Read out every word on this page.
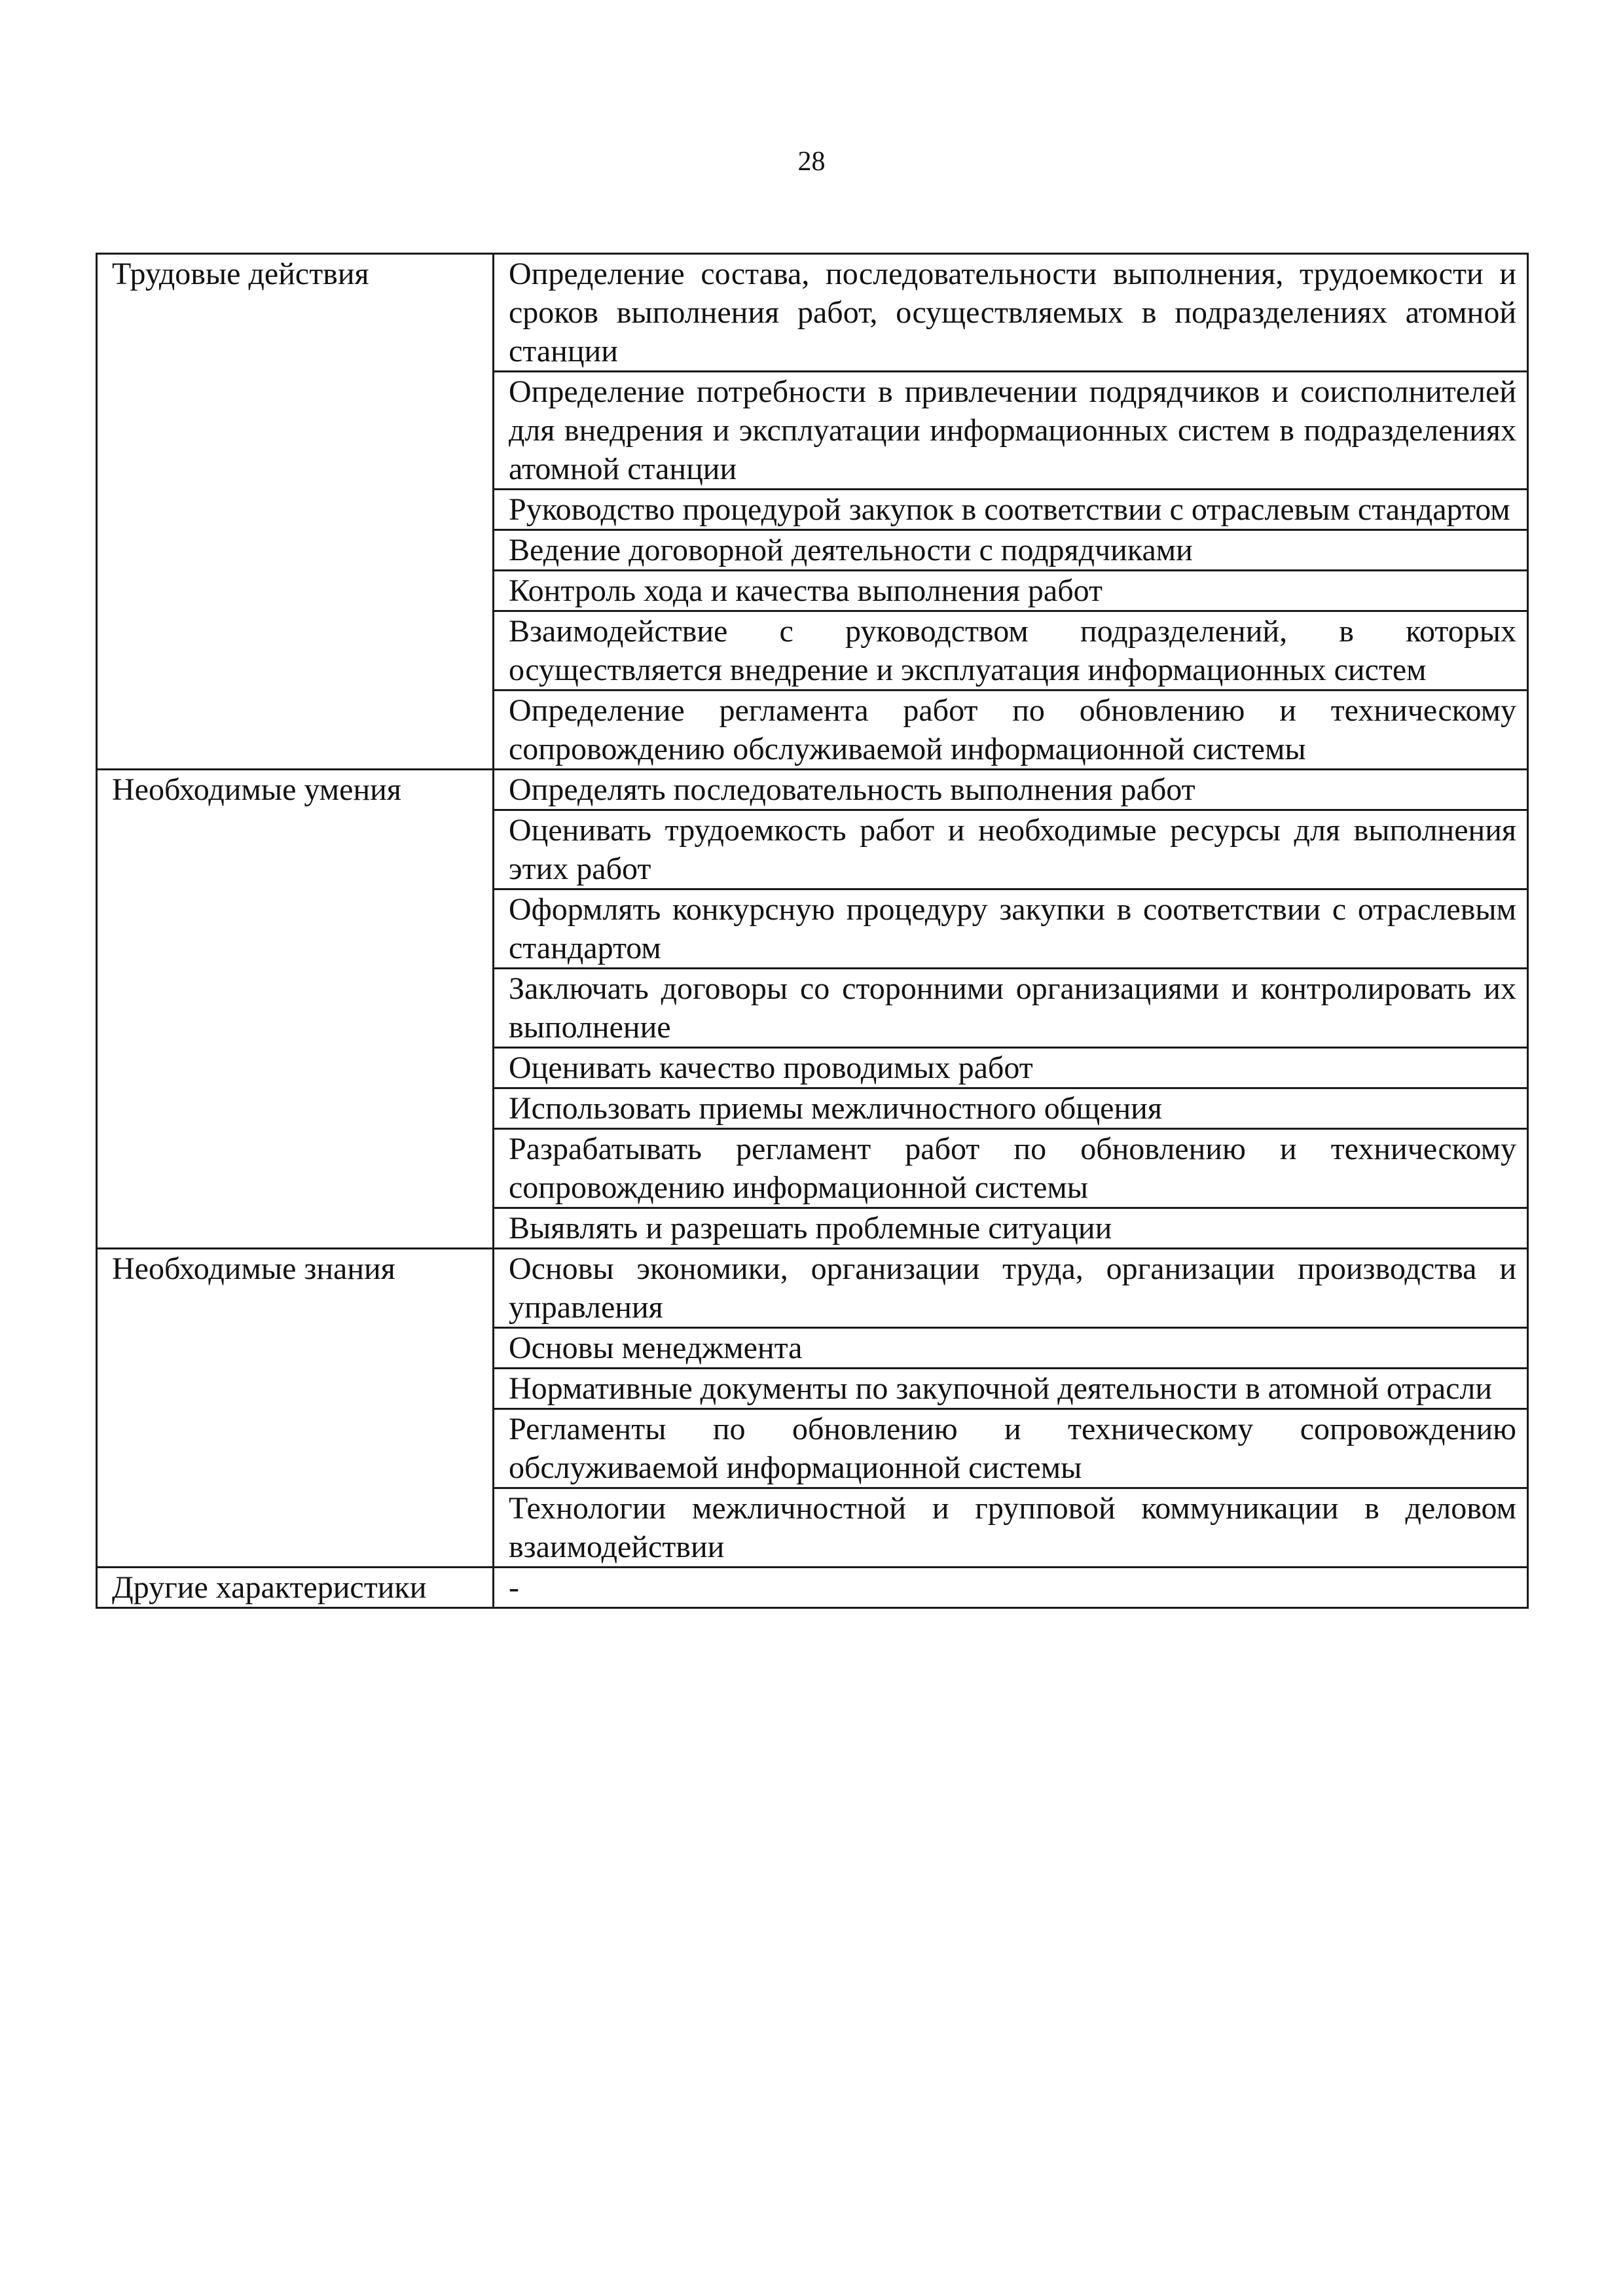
28
Трудовые действия	Определение состава, последовательности выполнения, трудоемкости и сроков выполнения работ, осуществляемых в подразделениях атомной станции
	Определение потребности в привлечении подрядчиков и соисполнителей для внедрения и эксплуатации информационных систем в подразделениях атомной станции
	Руководство процедурой закупок в соответствии с отраслевым стандартом
	Ведение договорной деятельности с подрядчиками
	Контроль хода и качества выполнения работ
	Взаимодействие с руководством подразделений, в которых осуществляется внедрение и эксплуатация информационных систем
	Определение регламента работ по обновлению и техническому сопровождению обслуживаемой информационной системы
Необходимые умения	Определять последовательность выполнения работ
	Оценивать трудоемкость работ и необходимые ресурсы для выполнения этих работ
	Оформлять конкурсную процедуру закупки в соответствии с отраслевым стандартом
	Заключать договоры со сторонними организациями и контролировать их выполнение
	Оценивать качество проводимых работ
	Использовать приемы межличностного общения
	Разрабатывать регламент работ по обновлению и техническому сопровождению информационной системы
	Выявлять и разрешать проблемные ситуации
Необходимые знания	Основы экономики, организации труда, организации производства и управления
	Основы менеджмента
	Нормативные документы по закупочной деятельности в атомной отрасли
	Регламенты по обновлению и техническому сопровождению обслуживаемой информационной системы
	Технологии межличностной и групповой коммуникации в деловом взаимодействии
Другие характеристики	-
